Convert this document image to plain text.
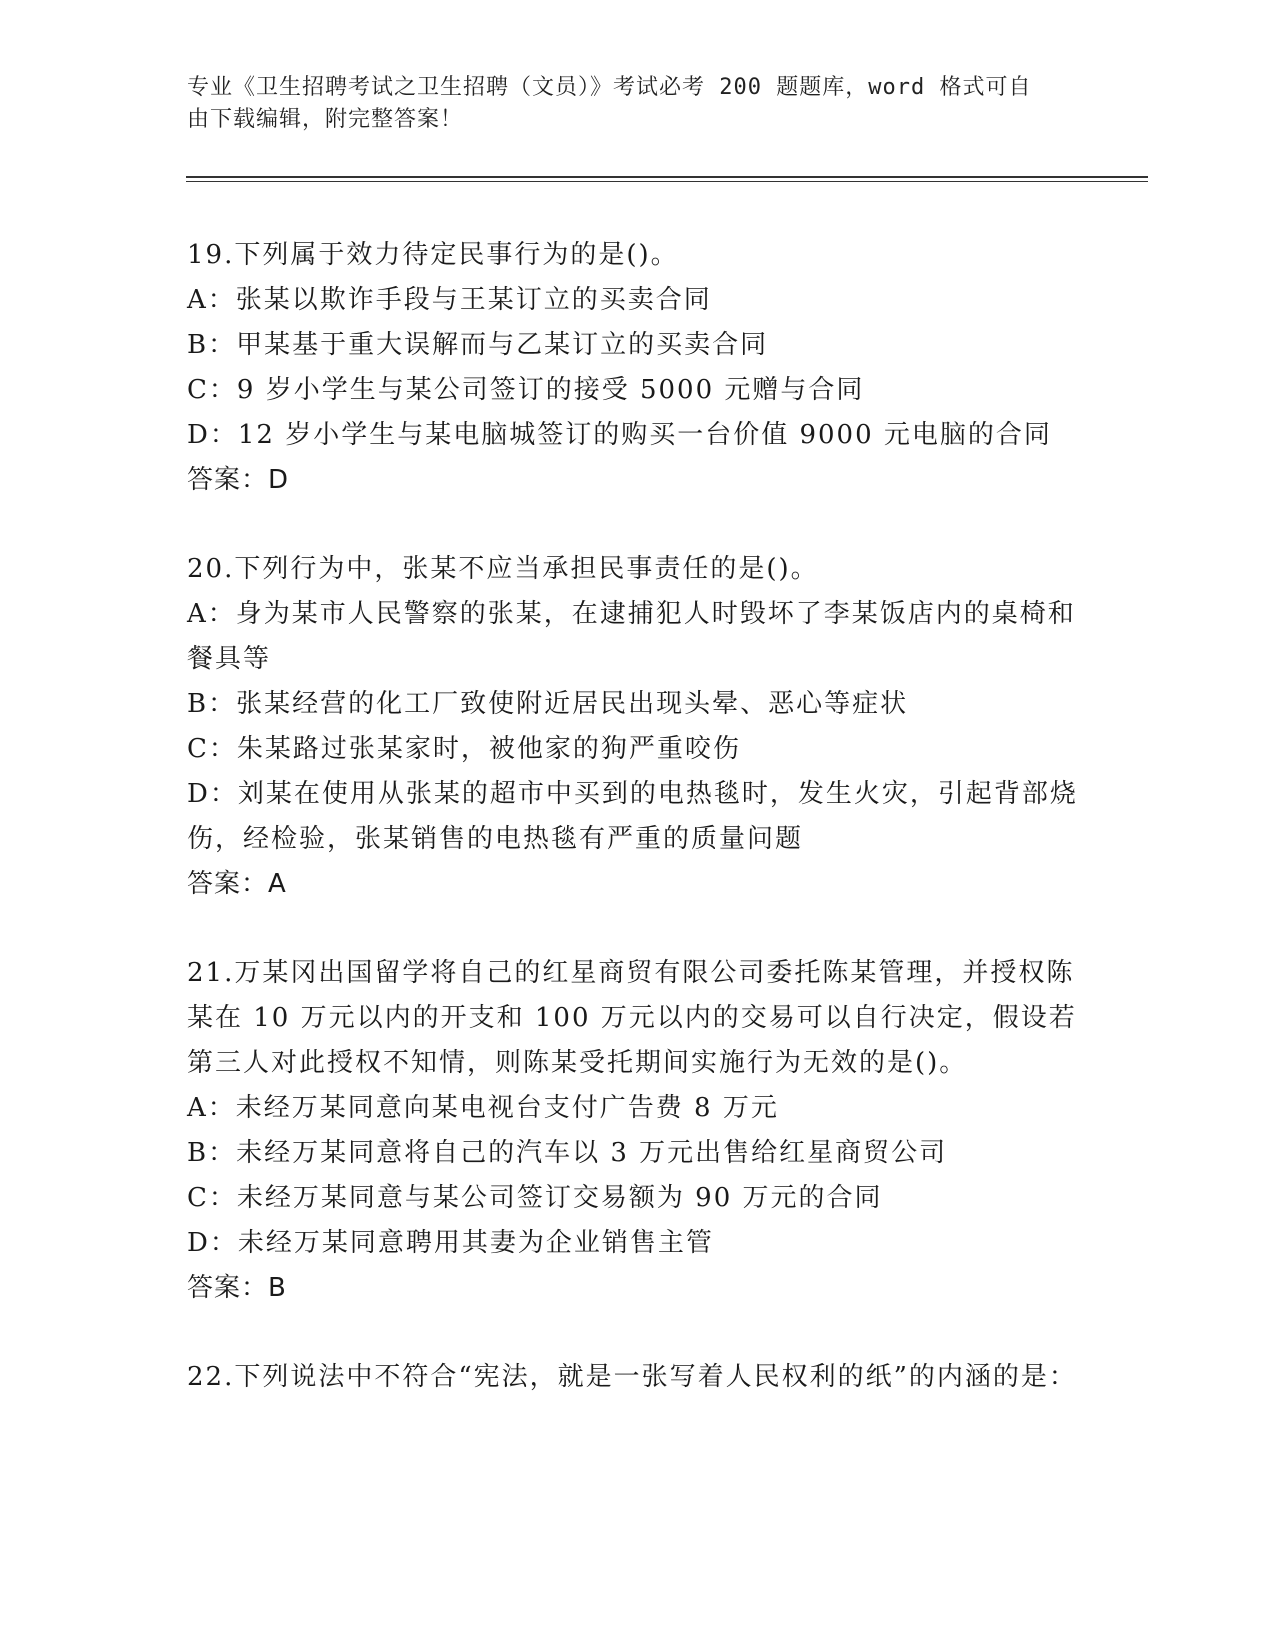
专业《卫生招聘考试之卫生招聘（文员）》考试必考 200 题题库，word 格式可自
由下载编辑，附完整答案！
19.下列属于效力待定民事行为的是()。
A：张某以欺诈手段与王某订立的买卖合同
B：甲某基于重大误解而与乙某订立的买卖合同
C：9 岁小学生与某公司签订的接受 5000 元赠与合同
D：12 岁小学生与某电脑城签订的购买一台价值 9000 元电脑的合同
答案：D
20.下列行为中，张某不应当承担民事责任的是()。
A：身为某市人民警察的张某，在逮捕犯人时毁坏了李某饭店内的桌椅和餐具等
B：张某经营的化工厂致使附近居民出现头晕、恶心等症状
C：朱某路过张某家时，被他家的狗严重咬伤
D：刘某在使用从张某的超市中买到的电热毯时，发生火灾，引起背部烧伤，经检验，张某销售的电热毯有严重的质量问题
答案：A
21.万某冈出国留学将自己的红星商贸有限公司委托陈某管理，并授权陈某在 10 万元以内的开支和 100 万元以内的交易可以自行决定，假设若第三人对此授权不知情，则陈某受托期间实施行为无效的是()。
A：未经万某同意向某电视台支付广告费 8 万元
B：未经万某同意将自己的汽车以 3 万元出售给红星商贸公司
C：未经万某同意与某公司签订交易额为 90 万元的合同
D：未经万某同意聘用其妻为企业销售主管
答案：B
22.下列说法中不符合“宪法，就是一张写着人民权利的纸”的内涵的是：
